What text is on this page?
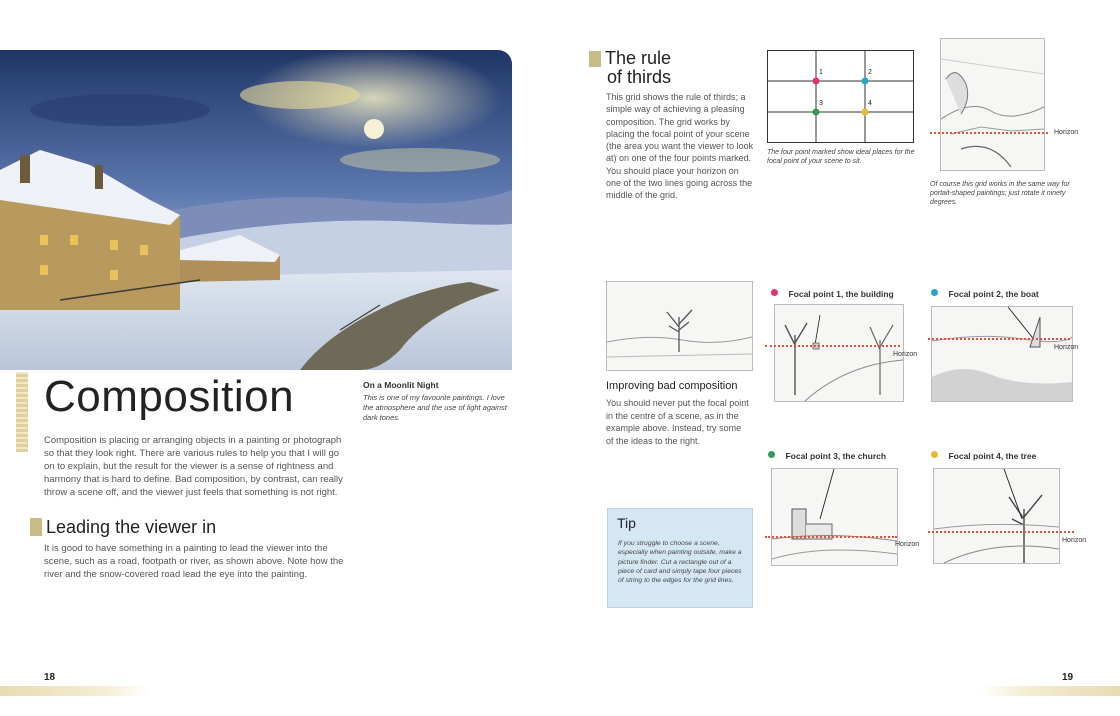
On a Moonlit Night
This is one of my favourite paintings. I love the atmosphere and the use of light against dark tones.
Composition
Composition is placing or arranging objects in a painting or photograph so that they look right. There are various rules to help you that I will go on to explain, but the result for the viewer is a sense of rightness and harmony that is hard to define. Bad composition, by contrast, can really throw a scene off, and the viewer just feels that something is not right.
Leading the viewer in
It is good to have something in a painting to lead the viewer into the scene, such as a road, footpath or river, as shown above. Note how the river and the snow-covered road lead the eye into the painting.
18
The rule
of thirds
This grid shows the rule of thirds; a simple way of achieving a pleasing composition. The grid works by placing the focal point of your scene (the area you want the viewer to look at) on one of the four points marked. You should place your horizon on one of the two lines going across the middle of the grid.
1	2
3	4
The four point marked show ideal places for the focal point of your scene to sit.
Horizon
Of course this grid works in the same way for portait-shaped paintings; just rotate it ninety degrees.
Improving bad composition
You should never put the focal point in the centre of a scene, as in the example above. Instead, try some of the ideas to the right.
Focal point 1, the building
Horizon
Focal point 2, the boat
Horizon
Focal point 3, the church
Horizon
Focal point 4, the tree
Horizon
Tip
If you struggle to choose a scene, especially when painting outside, make a picture finder. Cut a rectangle out of a piece of card and simply tape four pieces of string to the edges for the grid lines.
19
